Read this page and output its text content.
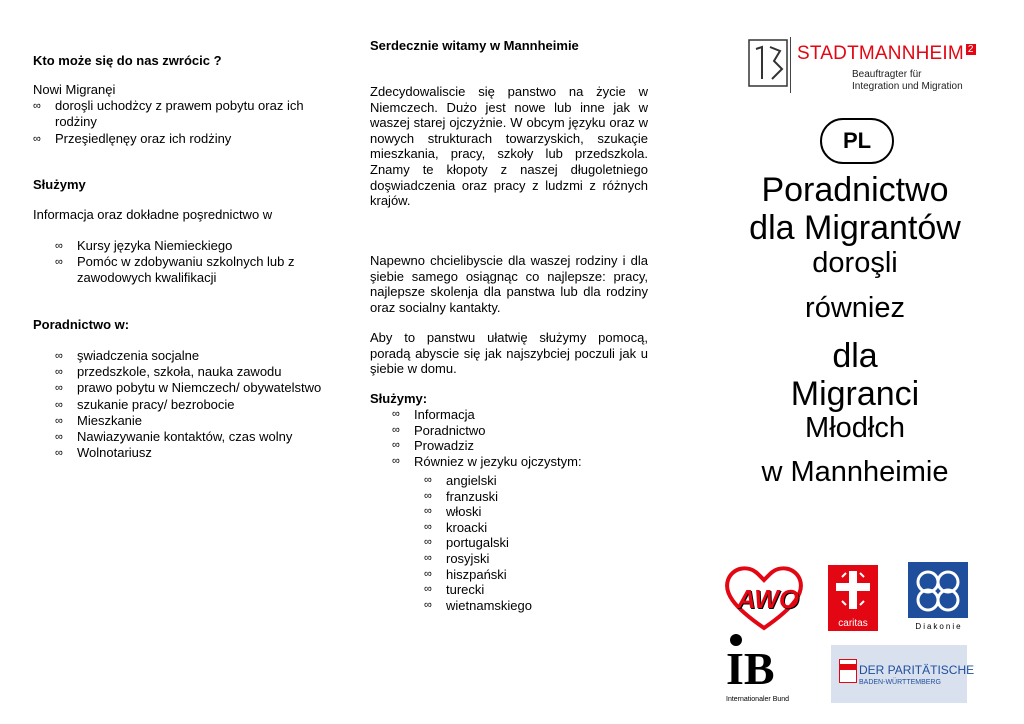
Kto może się do nas zwrócic ?
Nowi Migranęi
∞ doroşli uchodżcy z prawem pobytu oraz ich rodżiny
∞ Przeşiedlęnęy oraz ich rodżiny
Służymy
Informacja oraz dokładne poşrednictwo w
∞ Kursy języka Niemieckiego
∞ Pomóc w zdobywaniu szkolnych lub z zawodowych kwalifikacji
Poradnictwo w:
∞ şwiadczenia socjalne
∞ przedszkole, szkoła, nauka zawodu
∞ prawo pobytu w Niemczech/ obywatelstwo
∞ szukanie pracy/ bezrobocie
∞ Mieszkanie
∞ Nawiazywanie kontaktów, czas wolny
∞ Wolnotariusz
Serdecznie witamy w Mannheimie
Zdecydowaliscie się panstwo na życie w Niemczech. Dużo jest nowe lub inne jak w waszej starej ojczyżnie. W obcym języku oraz w nowych strukturach towarzyskich, szukaçie mieszkania, pracy, szkoły lub przedszkola. Znamy te kłopoty z naszej długoletniego doşwiadczenia oraz pracy z ludzmi z różnych krajów.
Napewno chcielibyscie dla waszej rodziny i dla şiebie samego osiągnąc co najlepsze: pracy, najlepsze skolenja dla panstwa lub dla rodziny oraz socialny kantakty.
Aby to panstwu ułatwię służymy pomocą, poradą abyscie się jak najszybciej poczuli jak u şiebie w domu.
Służymy:
∞ Informacja
∞ Poradnictwo
∞ Prowadziz
∞ Równiez w jezyku ojczystym:
∞ angielski
∞ franzuski
∞ włoski
∞ kroacki
∞ portugalski
∞ rosyjski
∞ hiszpański
∞ turecki
∞ wietnamskiego
STADTMANNHEIM $^2$
Beauftragter für
Integration und Migration
PL
Poradnictwo
dla Migrantów
doroşli
równiez
dla
Migranci
Młodłch
w Mannheimie
AWO
caritas	Diakonie
IB
Internationaler Bund
DER PARITÄTISCHE
BADEN-WÜRTTEMBERG
